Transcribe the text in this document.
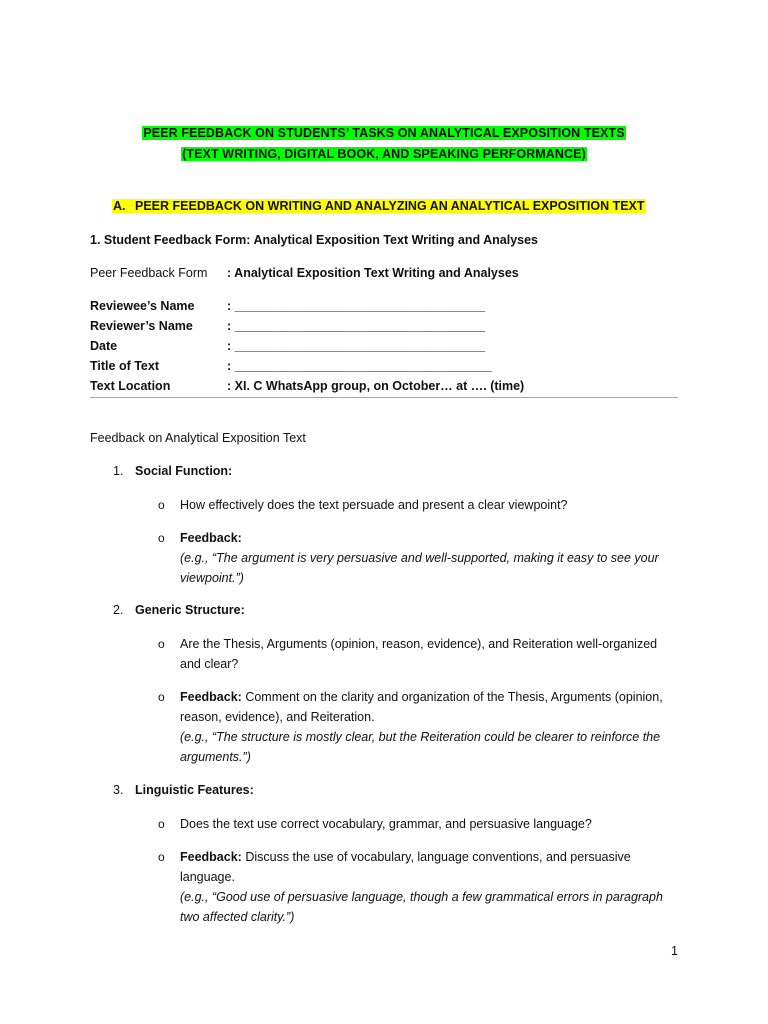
PEER FEEDBACK ON STUDENTS’ TASKS ON ANALYTICAL EXPOSITION TEXTS
(TEXT WRITING, DIGITAL BOOK, AND SPEAKING PERFORMANCE)
A. PEER FEEDBACK ON WRITING AND ANALYZING AN ANALYTICAL EXPOSITION TEXT
1. Student Feedback Form: Analytical Exposition Text Writing and Analyses
Peer Feedback Form : Analytical Exposition Text Writing and Analyses
Reviewee’s Name	: ____________________________________
Reviewer’s Name	: ____________________________________
Date	: ____________________________________
Title of Text	: _____________________________________
Text Location	: XI. C WhatsApp group, on October… at …. (time)
Feedback on Analytical Exposition Text
1. Social Function:
o How effectively does the text persuade and present a clear viewpoint?
o Feedback:
(e.g., “The argument is very persuasive and well-supported, making it easy to see your viewpoint.”)
2. Generic Structure:
o Are the Thesis, Arguments (opinion, reason, evidence), and Reiteration well-organized and clear?
o Feedback: Comment on the clarity and organization of the Thesis, Arguments (opinion, reason, evidence), and Reiteration.
(e.g., “The structure is mostly clear, but the Reiteration could be clearer to reinforce the arguments.”)
3. Linguistic Features:
o Does the text use correct vocabulary, grammar, and persuasive language?
o Feedback: Discuss the use of vocabulary, language conventions, and persuasive language.
(e.g., “Good use of persuasive language, though a few grammatical errors in paragraph two affected clarity.”)
1
